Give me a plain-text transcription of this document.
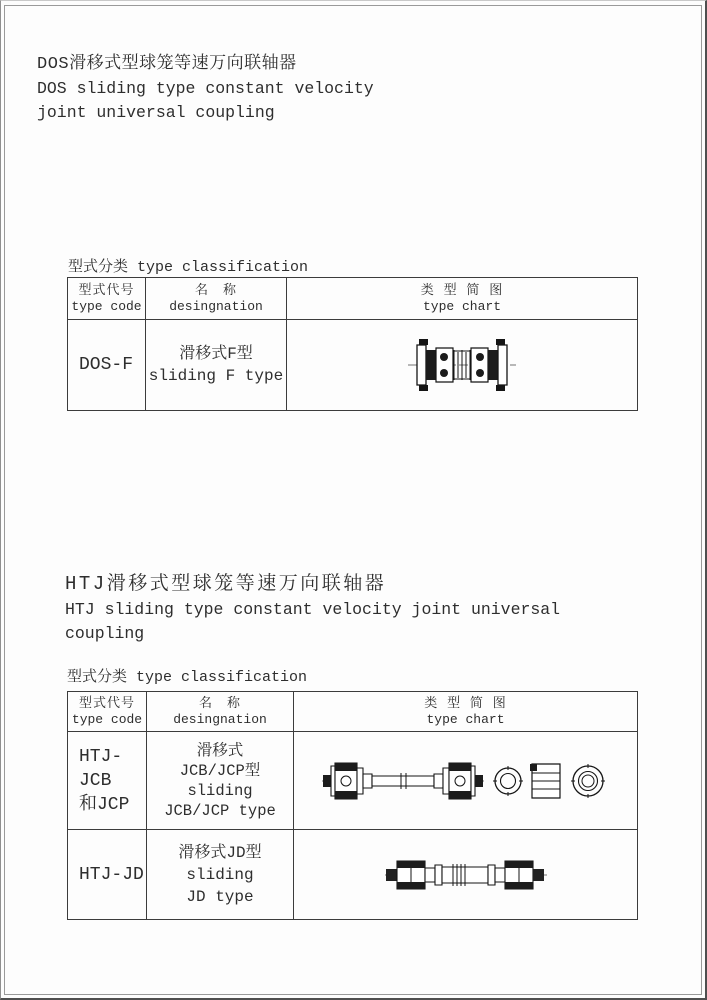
DOS滑移式型球笼等速万向联轴器
DOS sliding type constant velocity
joint universal coupling
型式分类 type classification
型式代号
type code
名　称
desingnation
类 型 简 图
type chart
DOS-F
滑移式F型
sliding F type
HTJ滑移式型球笼等速万向联轴器
HTJ sliding type constant velocity joint universal
coupling
型式分类 type classification
型式代号
type code
名　称
desingnation
类 型 简 图
type chart
HTJ-JCB
和JCP
滑移式
JCB/JCP型
sliding
JCB/JCP type
HTJ-JD
滑移式JD型
sliding
JD type
